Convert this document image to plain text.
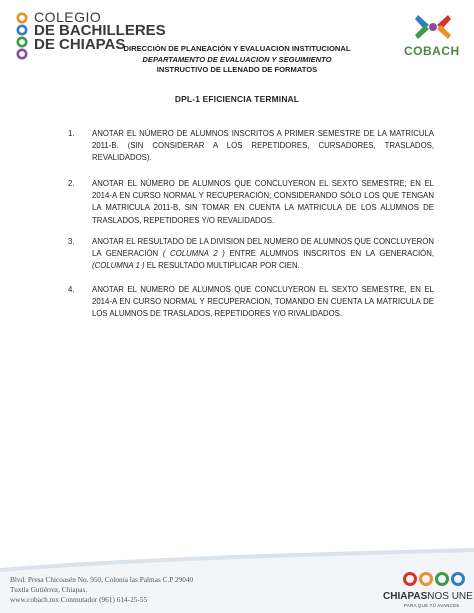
COLEGIO
DE BACHILLERES
DE CHIAPAS	COBACH
DIRECCIÓN DE PLANEACIÓN Y EVALUACION INSTITUCIONAL
DEPARTAMENTO DE EVALUACION Y SEGUIMIENTO
INSTRUCTIVO DE LLENADO DE FORMATOS
DPL-1 EFICIENCIA TERMINAL
1. ANOTAR EL NÚMERO DE ALUMNOS INSCRITOS A PRIMER SEMESTRE DE LA MATRICULA 2011-B. (SIN CONSIDERAR A LOS REPETIDORES, CURSADORES, TRASLADOS, REVALIDADOS).
2. ANOTAR EL NÚMERO DE ALUMNOS QUE CONCLUYERON EL SEXTO SEMESTRE; EN EL 2014-A EN CURSO NORMAL Y RECUPERACIÓN; CONSIDERANDO SÓLO LOS QUE TENGAN LA MATRICULA 2011-B, SIN TOMAR EN CUENTA LA MATRICULA DE LOS ALUMNOS DE TRASLADOS, REPETIDORES Y/O REVALIDADOS.
3. ANOTAR EL RESULTADO DE LA DIVISION DEL NUMERO DE ALUMNOS QUE CONCLUYERON LA GENERACIÓN ( COLUMNA 2 ) ENTRE ALUMNOS INSCRITOS EN LA GENERACIÓN, (COLUMNA 1 ) EL RESULTADO MULTIPLICAR POR CIEN.
4. ANOTAR EL NUMERO DE ALUMNOS QUE CONCLUYERON EL SEXTO SEMESTRE, EN EL 2014-A EN CURSO NORMAL Y RECUPERACION, TOMANDO EN CUENTA LA MATRICULA DE LOS ALUMNOS DE TRASLADOS, REPETIDORES Y/O RIVALIDADOS.
Blvd. Presa Chicoasén No. 950, Colonia las Palmas C.P 29040
Tuxtla Gutiérrez, Chiapas.
www.cobach.mx Conmutador (961) 614-25-55	CHIAPASNOS UNE
PARA QUE TÚ AVANCES
